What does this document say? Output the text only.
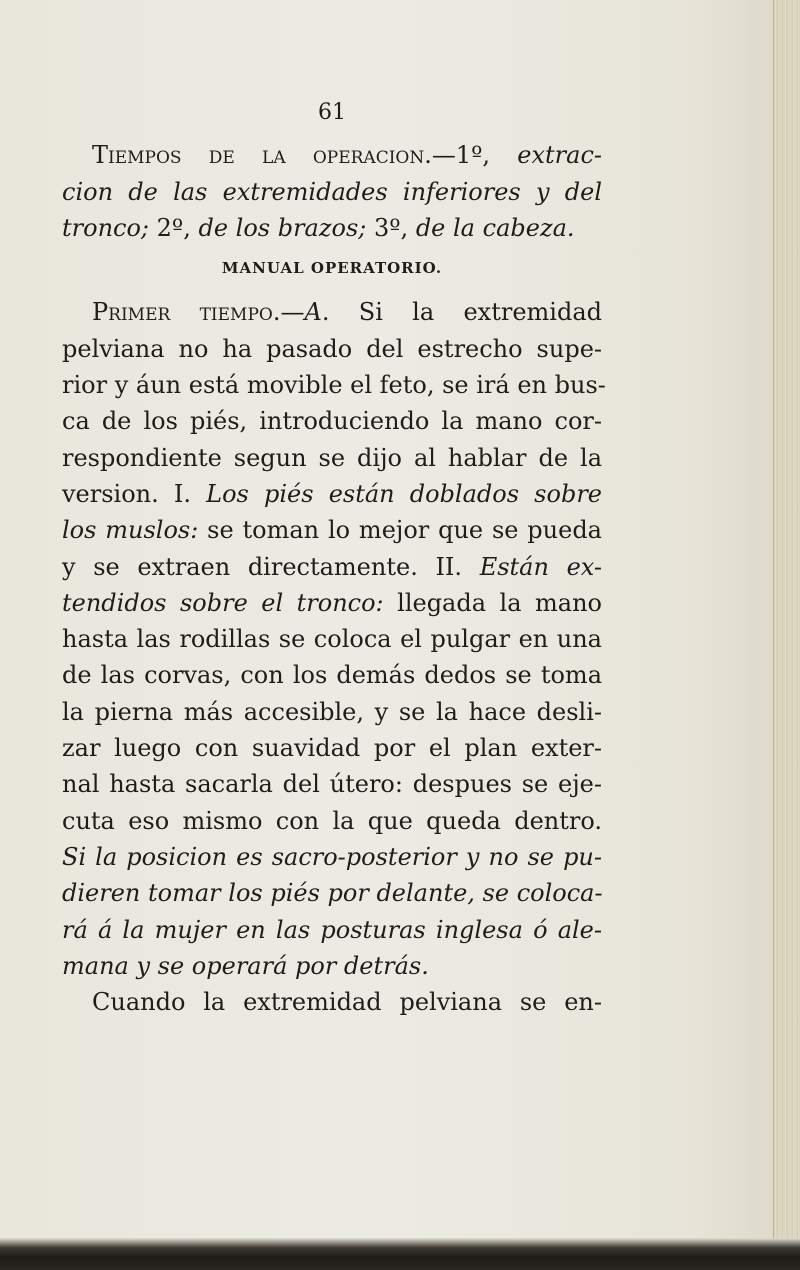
61
Tiempos de la operacion.—1º, extrac-
cion de las extremidades inferiores y del
tronco; 2º, de los brazos; 3º, de la cabeza.
MANUAL OPERATORIO.
Primer tiempo.—A. Si la extremidad
pelviana no ha pasado del estrecho supe-
rior y áun está movible el feto, se irá en bus-
ca de los piés, introduciendo la mano cor-
respondiente segun se dijo al hablar de la
version. I. Los piés están doblados sobre
los muslos: se toman lo mejor que se pueda
y se extraen directamente. II. Están ex-
tendidos sobre el tronco: llegada la mano
hasta las rodillas se coloca el pulgar en una
de las corvas, con los demás dedos se toma
la pierna más accesible, y se la hace desli-
zar luego con suavidad por el plan exter-
nal hasta sacarla del útero: despues se eje-
cuta eso mismo con la que queda dentro.
Si la posicion es sacro-posterior y no se pu-
dieren tomar los piés por delante, se coloca-
rá á la mujer en las posturas inglesa ó ale-
mana y se operará por detrás.
Cuando la extremidad pelviana se en-
